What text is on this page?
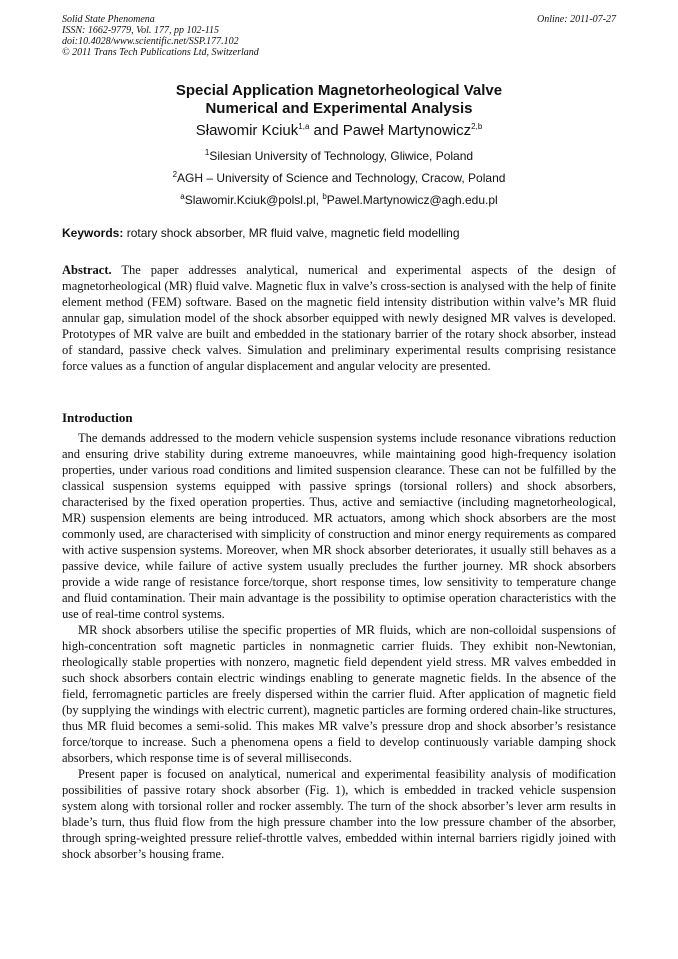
Solid State Phenomena
ISSN: 1662-9779, Vol. 177, pp 102-115
doi:10.4028/www.scientific.net/SSP.177.102
© 2011 Trans Tech Publications Ltd, Switzerland
Online: 2011-07-27
Special Application Magnetorheological Valve
Numerical and Experimental Analysis
Sławomir Kciuk$^{1,a}$ and Paweł Martynowicz$^{2,b}$
$^1$Silesian University of Technology, Gliwice, Poland
$^2$AGH – University of Science and Technology, Cracow, Poland
$^a$Slawomir.Kciuk@polsl.pl, $^b$Pawel.Martynowicz@agh.edu.pl
Keywords: rotary shock absorber, MR fluid valve, magnetic field modelling
Abstract. The paper addresses analytical, numerical and experimental aspects of the design of magnetorheological (MR) fluid valve. Magnetic flux in valve’s cross-section is analysed with the help of finite element method (FEM) software. Based on the magnetic field intensity distribution within valve’s MR fluid annular gap, simulation model of the shock absorber equipped with newly designed MR valves is developed. Prototypes of MR valve are built and embedded in the stationary barrier of the rotary shock absorber, instead of standard, passive check valves. Simulation and preliminary experimental results comprising resistance force values as a function of angular displacement and angular velocity are presented.
Introduction

The demands addressed to the modern vehicle suspension systems include resonance vibrations reduction and ensuring drive stability during extreme manoeuvres, while maintaining good high-frequency isolation properties, under various road conditions and limited suspension clearance. These can not be fulfilled by the classical suspension systems equipped with passive springs (torsional rollers) and shock absorbers, characterised by the fixed operation properties. Thus, active and semiactive (including magnetorheological, MR) suspension elements are being introduced. MR actuators, among which shock absorbers are the most commonly used, are characterised with simplicity of construction and minor energy requirements as compared with active suspension systems. Moreover, when MR shock absorber deteriorates, it usually still behaves as a passive device, while failure of active system usually precludes the further journey. MR shock absorbers provide a wide range of resistance force/torque, short response times, low sensitivity to temperature change and fluid contamination. Their main advantage is the possibility to optimise operation characteristics with the use of real-time control systems.

MR shock absorbers utilise the specific properties of MR fluids, which are non-colloidal suspensions of high-concentration soft magnetic particles in nonmagnetic carrier fluids. They exhibit non-Newtonian, rheologically stable properties with nonzero, magnetic field dependent yield stress. MR valves embedded in such shock absorbers contain electric windings enabling to generate magnetic fields. In the absence of the field, ferromagnetic particles are freely dispersed within the carrier fluid. After application of magnetic field (by supplying the windings with electric current), magnetic particles are forming ordered chain-like structures, thus MR fluid becomes a semi-solid. This makes MR valve’s pressure drop and shock absorber’s resistance force/torque to increase. Such a phenomena opens a field to develop continuously variable damping shock absorbers, which response time is of several milliseconds.

Present paper is focused on analytical, numerical and experimental feasibility analysis of modification possibilities of passive rotary shock absorber (Fig. 1), which is embedded in tracked vehicle suspension system along with torsional roller and rocker assembly. The turn of the shock absorber’s lever arm results in blade’s turn, thus fluid flow from the high pressure chamber into the low pressure chamber of the absorber, through spring-weighted pressure relief-throttle valves, embedded within internal barriers rigidly joined with shock absorber’s housing frame.
